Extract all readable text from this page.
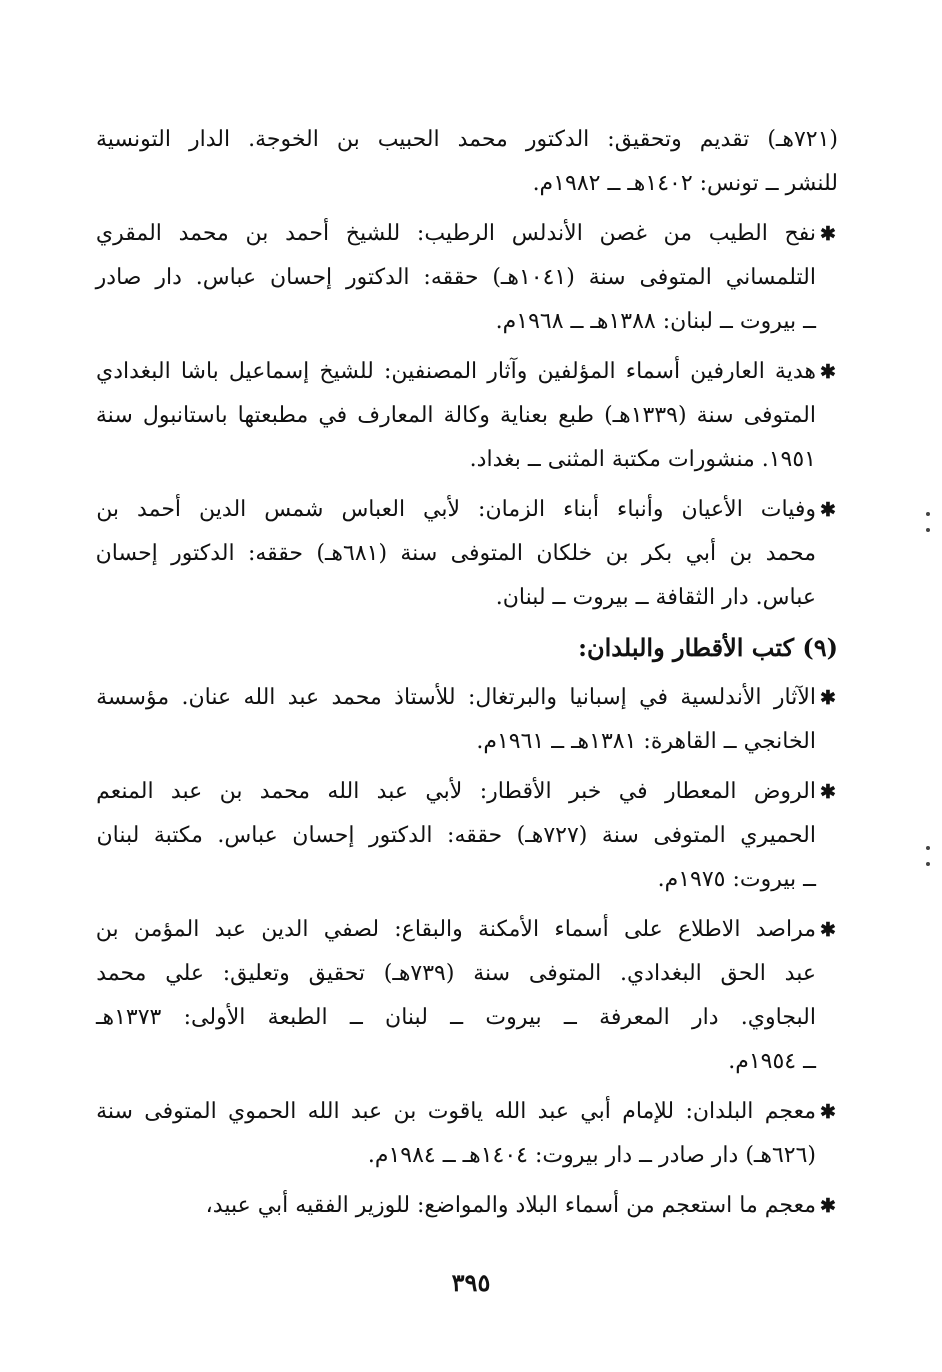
(٧٢١هـ) تقديم وتحقيق: الدكتور محمد الحبيب بن الخوجة. الدار التونسية

للنشر ــ تونس: ١٤٠٢هـ ــ ١٩٨٢م.

✱

نفح الطيب من غصن الأندلس الرطيب: للشيخ أحمد بن محمد المقري

التلمساني المتوفى سنة (١٠٤١هـ) حققه: الدكتور إحسان عباس. دار صادر

ــ بيروت ــ لبنان: ١٣٨٨هـ ــ ١٩٦٨م.

✱

هدية العارفين أسماء المؤلفين وآثار المصنفين: للشيخ إسماعيل باشا البغدادي

المتوفى سنة (١٣٣٩هـ) طبع بعناية وكالة المعارف في مطبعتها باستانبول سنة

١٩٥١. منشورات مكتبة المثنى ــ بغداد.

✱

وفيات الأعيان وأنباء أبناء الزمان: لأبي العباس شمس الدين أحمد بن

محمد بن أبي بكر بن خلكان المتوفى سنة (٦٨١هـ) حققه: الدكتور إحسان

عباس. دار الثقافة ــ بيروت ــ لبنان.

(٩) كتب الأقطار والبلدان:
✱

الآثار الأندلسية في إسبانيا والبرتغال: للأستاذ محمد عبد الله عنان. مؤسسة

الخانجي ــ القاهرة: ١٣٨١هـ ــ ١٩٦١م.

✱

الروض المعطار في خبر الأقطار: لأبي عبد الله محمد بن عبد المنعم

الحميري المتوفى سنة (٧٢٧هـ) حققه: الدكتور إحسان عباس. مكتبة لبنان

ــ بيروت: ١٩٧٥م.

✱

مراصد الاطلاع على أسماء الأمكنة والبقاع: لصفي الدين عبد المؤمن بن

عبد الحق البغدادي. المتوفى سنة (٧٣٩هـ) تحقيق وتعليق: علي محمد

البجاوي. دار المعرفة ــ بيروت ــ لبنان ــ الطبعة الأولى: ١٣٧٣هـ

ــ ١٩٥٤م.

✱

معجم البلدان: للإمام أبي عبد الله ياقوت بن عبد الله الحموي المتوفى سنة

(٦٢٦هـ) دار صادر ــ دار بيروت: ١٤٠٤هـ ــ ١٩٨٤م.

✱

معجم ما استعجم من أسماء البلاد والمواضع: للوزير الفقيه أبي عبيد،

٣٩٥
